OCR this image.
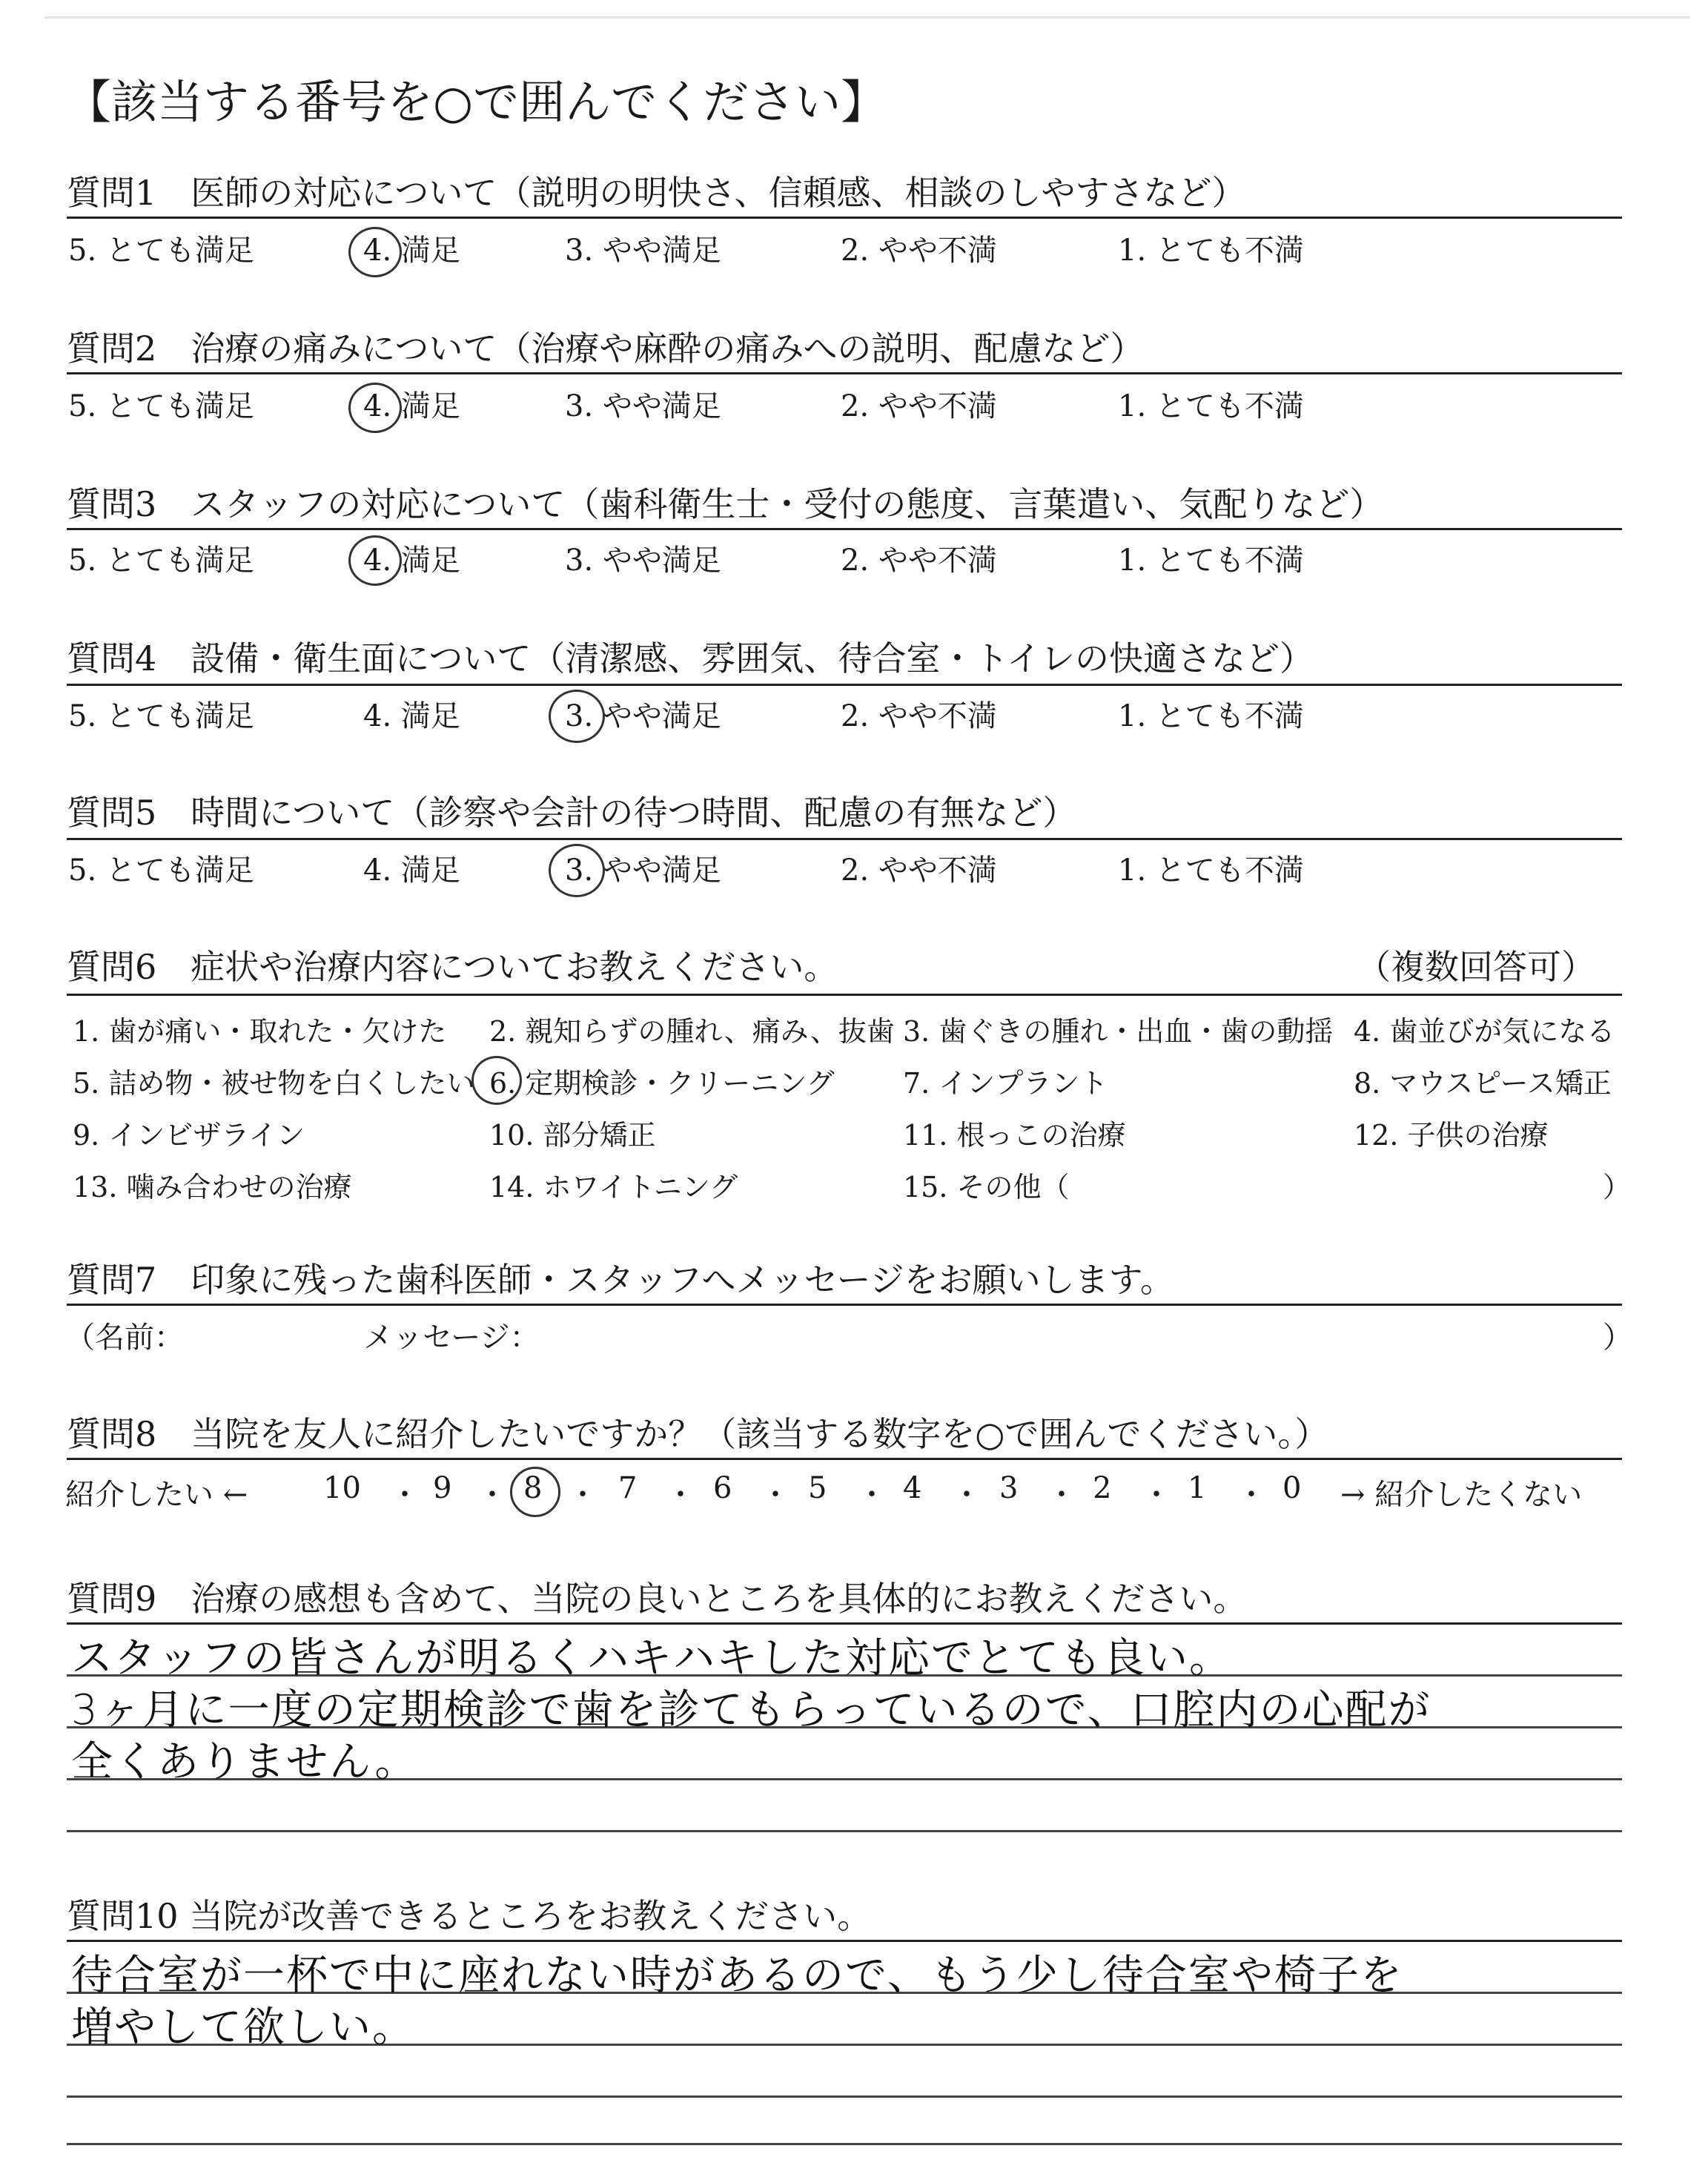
【該当する番号を○で囲んでください】
質問1　医師の対応について（説明の明快さ、信頼感、相談のしやすさなど）
5. とても満足	4. 満足	3. やや満足	2. やや不満	1. とても不満
質問2　治療の痛みについて（治療や麻酔の痛みへの説明、配慮など）
5. とても満足	4. 満足	3. やや満足	2. やや不満	1. とても不満
質問3　スタッフの対応について（歯科衛生士・受付の態度、言葉遣い、気配りなど）
5. とても満足	4. 満足	3. やや満足	2. やや不満	1. とても不満
質問4　設備・衛生面について（清潔感、雰囲気、待合室・トイレの快適さなど）
5. とても満足	4. 満足	3. やや満足	2. やや不満	1. とても不満
質問5　時間について（診察や会計の待つ時間、配慮の有無など）
5. とても満足	4. 満足	3. やや満足	2. やや不満	1. とても不満
質問6　症状や治療内容についてお教えください。	（複数回答可）
1. 歯が痛い・取れた・欠けた 2. 親知らずの腫れ、痛み、抜歯 3. 歯ぐきの腫れ・出血・歯の動揺 4. 歯並びが気になる
5. 詰め物・被せ物を白くしたい 6. 定期検診・クリーニング 7. インプラント	8. マウスピース矯正
9. インビザライン	10. 部分矯正	11. 根っこの治療	12. 子供の治療
13. 噛み合わせの治療	14. ホワイトニング	15. その他（	）
質問7　印象に残った歯科医師・スタッフへメッセージをお願いします。
（名前：	メッセージ：	）
質問8　当院を友人に紹介したいですか？（該当する数字を○で囲んでください。）
紹介したい ←	10 ・ 9 ・ 8 ・ 7 ・ 6 ・ 5 ・ 4 ・ 3 ・ 2 ・ 1 ・ 0 → 紹介したくない
質問9　治療の感想も含めて、当院の良いところを具体的にお教えください。
スタッフの皆さんが明るくハキハキした対応でとても良い。
3ヶ月に一度の定期検診で歯を診てもらっているので、口腔内の心配が
全くありません。
質問10 当院が改善できるところをお教えください。
待合室が一杯で中に座れない時があるので、もう少し待合室や椅子を
増やして欲しい。
